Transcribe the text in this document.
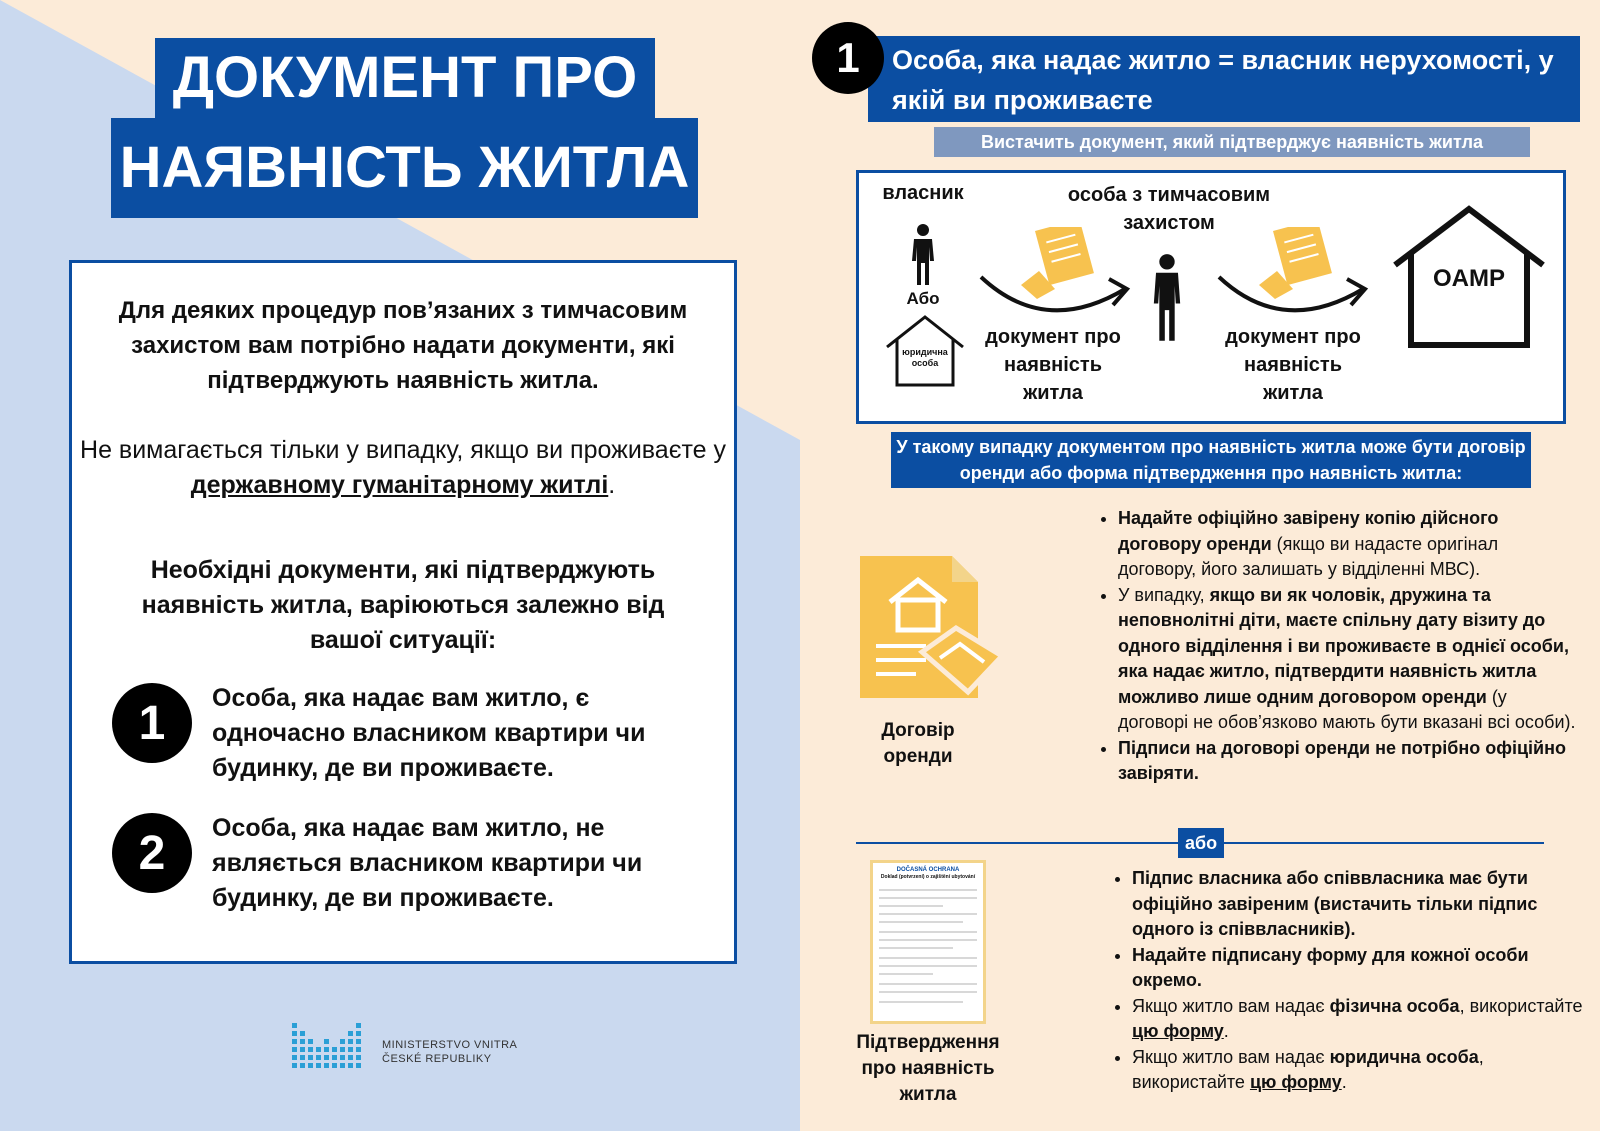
ДОКУМЕНТ ПРО
НАЯВНІСТЬ ЖИТЛА
Для деяких процедур пов’язаних з тимчасовим захистом вам потрібно надати документи, які підтверджують наявність житла.
Не вимагається тільки у випадку, якщо ви проживаєте у державному гуманітарному житлі.
Необхідні документи, які підтверджують наявність житла, варіюються залежно від вашої ситуації:
1	Особа, яка надає вам житло, є одночасно власником квартири чи будинку, де ви проживаєте.
2	Особа, яка надає вам житло, не являється власником квартири чи будинку, де ви проживаєте.
MINISTERSTVO VNITRA
ČESKÉ REPUBLIKY
1	Особа, яка надає житло = власник нерухомості, у якій ви проживаєте
Вистачить документ, який підтверджує наявність житла
власник
Або
юридична особа
документ про наявність житла
особа з тимчасовим захистом
документ про наявність житла
OAMP
У такому випадку документом про наявність житла може бути договір оренди або форма підтвердження про наявність житла:
Договір оренди
• Надайте офіційно завірену копію дійсного договору оренди (якщо ви надасте оригінал договору, його залишать у відділенні МВС).
• У випадку, якщо ви як чоловік, дружина та неповнолітні діти, маєте спільну дату візиту до одного відділення і ви проживаєте в однієї особи, яка надає житло, підтвердити наявність житла можливо лише одним договором оренди (у договорі не обов’язково мають бути вказані всі особи).
• Підписи на договорі оренди не потрібно офіційно завіряти.
або
DOČASNÁ OCHRANA
Doklad (potvrzení) o zajištění ubytování
Підтвердження про наявність житла
• Підпис власника або співвласника має бути офіційно завіреним (вистачить тільки підпис одного із співвласників).
• Надайте підписану форму для кожної особи окремо.
• Якщо житло вам надає фізична особа, використайте цю форму.
• Якщо житло вам надає юридична особа, використайте цю форму.
